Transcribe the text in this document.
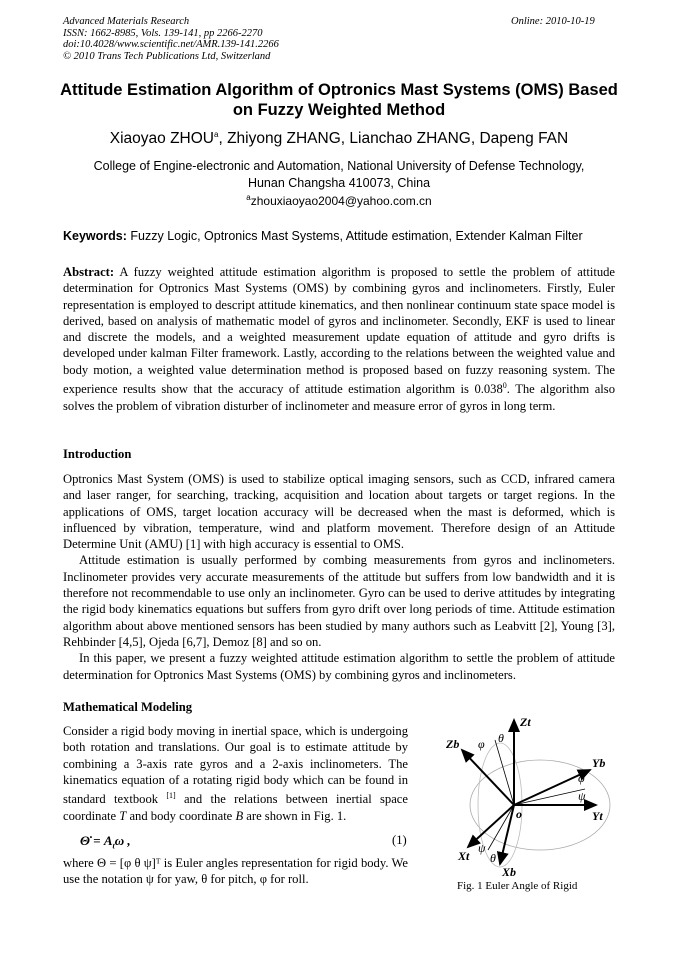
Advanced Materials Research
ISSN: 1662-8985, Vols. 139-141, pp 2266-2270
doi:10.4028/www.scientific.net/AMR.139-141.2266
© 2010 Trans Tech Publications Ltd, Switzerland
Online: 2010-10-19
Attitude Estimation Algorithm of Optronics Mast Systems (OMS) Based on Fuzzy Weighted Method
Xiaoyao ZHOU$^a$, Zhiyong ZHANG, Lianchao ZHANG, Dapeng FAN
College of Engine-electronic and Automation, National University of Defense Technology,
Hunan Changsha 410073, China
$^a$zhouxiaoyao2004@yahoo.com.cn
Keywords: Fuzzy Logic, Optronics Mast Systems, Attitude estimation, Extender Kalman Filter

Abstract: A fuzzy weighted attitude estimation algorithm is proposed to settle the problem of attitude determination for Optronics Mast Systems (OMS) by combining gyros and inclinometers. Firstly, Euler representation is employed to descript attitude kinematics, and then nonlinear continuum state space model is derived, based on analysis of mathematic model of gyros and inclinometer. Secondly, EKF is used to linear and discrete the models, and a weighted measurement update equation of attitude and gyro drifts is developed under kalman Filter framework. Lastly, according to the relations between the weighted value and body motion, a weighted value determination method is proposed based on fuzzy reasoning system. The experience results show that the accuracy of attitude estimation algorithm is 0.038$^0$. The algorithm also solves the problem of vibration disturber of inclinometer and measure error of gyros in long term.

Introduction
Optronics Mast System (OMS) is used to stabilize optical imaging sensors, such as CCD, infrared camera and laser ranger, for searching, tracking, acquisition and location about targets or target regions. In the applications of OMS, target location accuracy will be decreased when the mast is deformed, which is influenced by vibration, temperature, wind and platform movement. Therefore design of an Attitude Determine Unit (AMU) [1] with high accuracy is essential to OMS.
Attitude estimation is usually performed by combing measurements from gyros and inclinometers. Inclinometer provides very accurate measurements of the attitude but suffers from low bandwidth and it is therefore not recommendable to use only an inclinometer. Gyro can be used to derive attitudes by integrating the rigid body kinematics equations but suffers from gyro drift over long periods of time. Attitude estimation algorithm about above mentioned sensors has been studied by many authors such as Leabvitt [2], Young [3], Rehbinder [4,5], Ojeda [6,7], Demoz [8] and so on.
In this paper, we present a fuzzy weighted attitude estimation algorithm to settle the problem of attitude determination for Optronics Mast Systems (OMS) by combining gyros and inclinometers.
Mathematical Modeling

Consider a rigid body moving in inertial space, which is undergoing both rotation and translations. Our goal is to estimate attitude by combining a 3-axis rate gyros and a 2-axis inclinometers. The kinematics equation of a rotating rigid body which can be found in standard textbook [1] and the relations between inertial space coordinate T and body coordinate B are shown in Fig. 1.

Θ̇ = $A_t\omega$ ,	(1)

where Θ = [φ θ ψ]ᵀ is Euler angles representation for rigid body. We use the notation ψ for yaw, θ for pitch, φ for roll.

Zt
Zb
Yb
Yt
Xt
Xb
o
φ θ
φ
ψ
ψ
θ
Fig. 1 Euler Angle of Rigid
